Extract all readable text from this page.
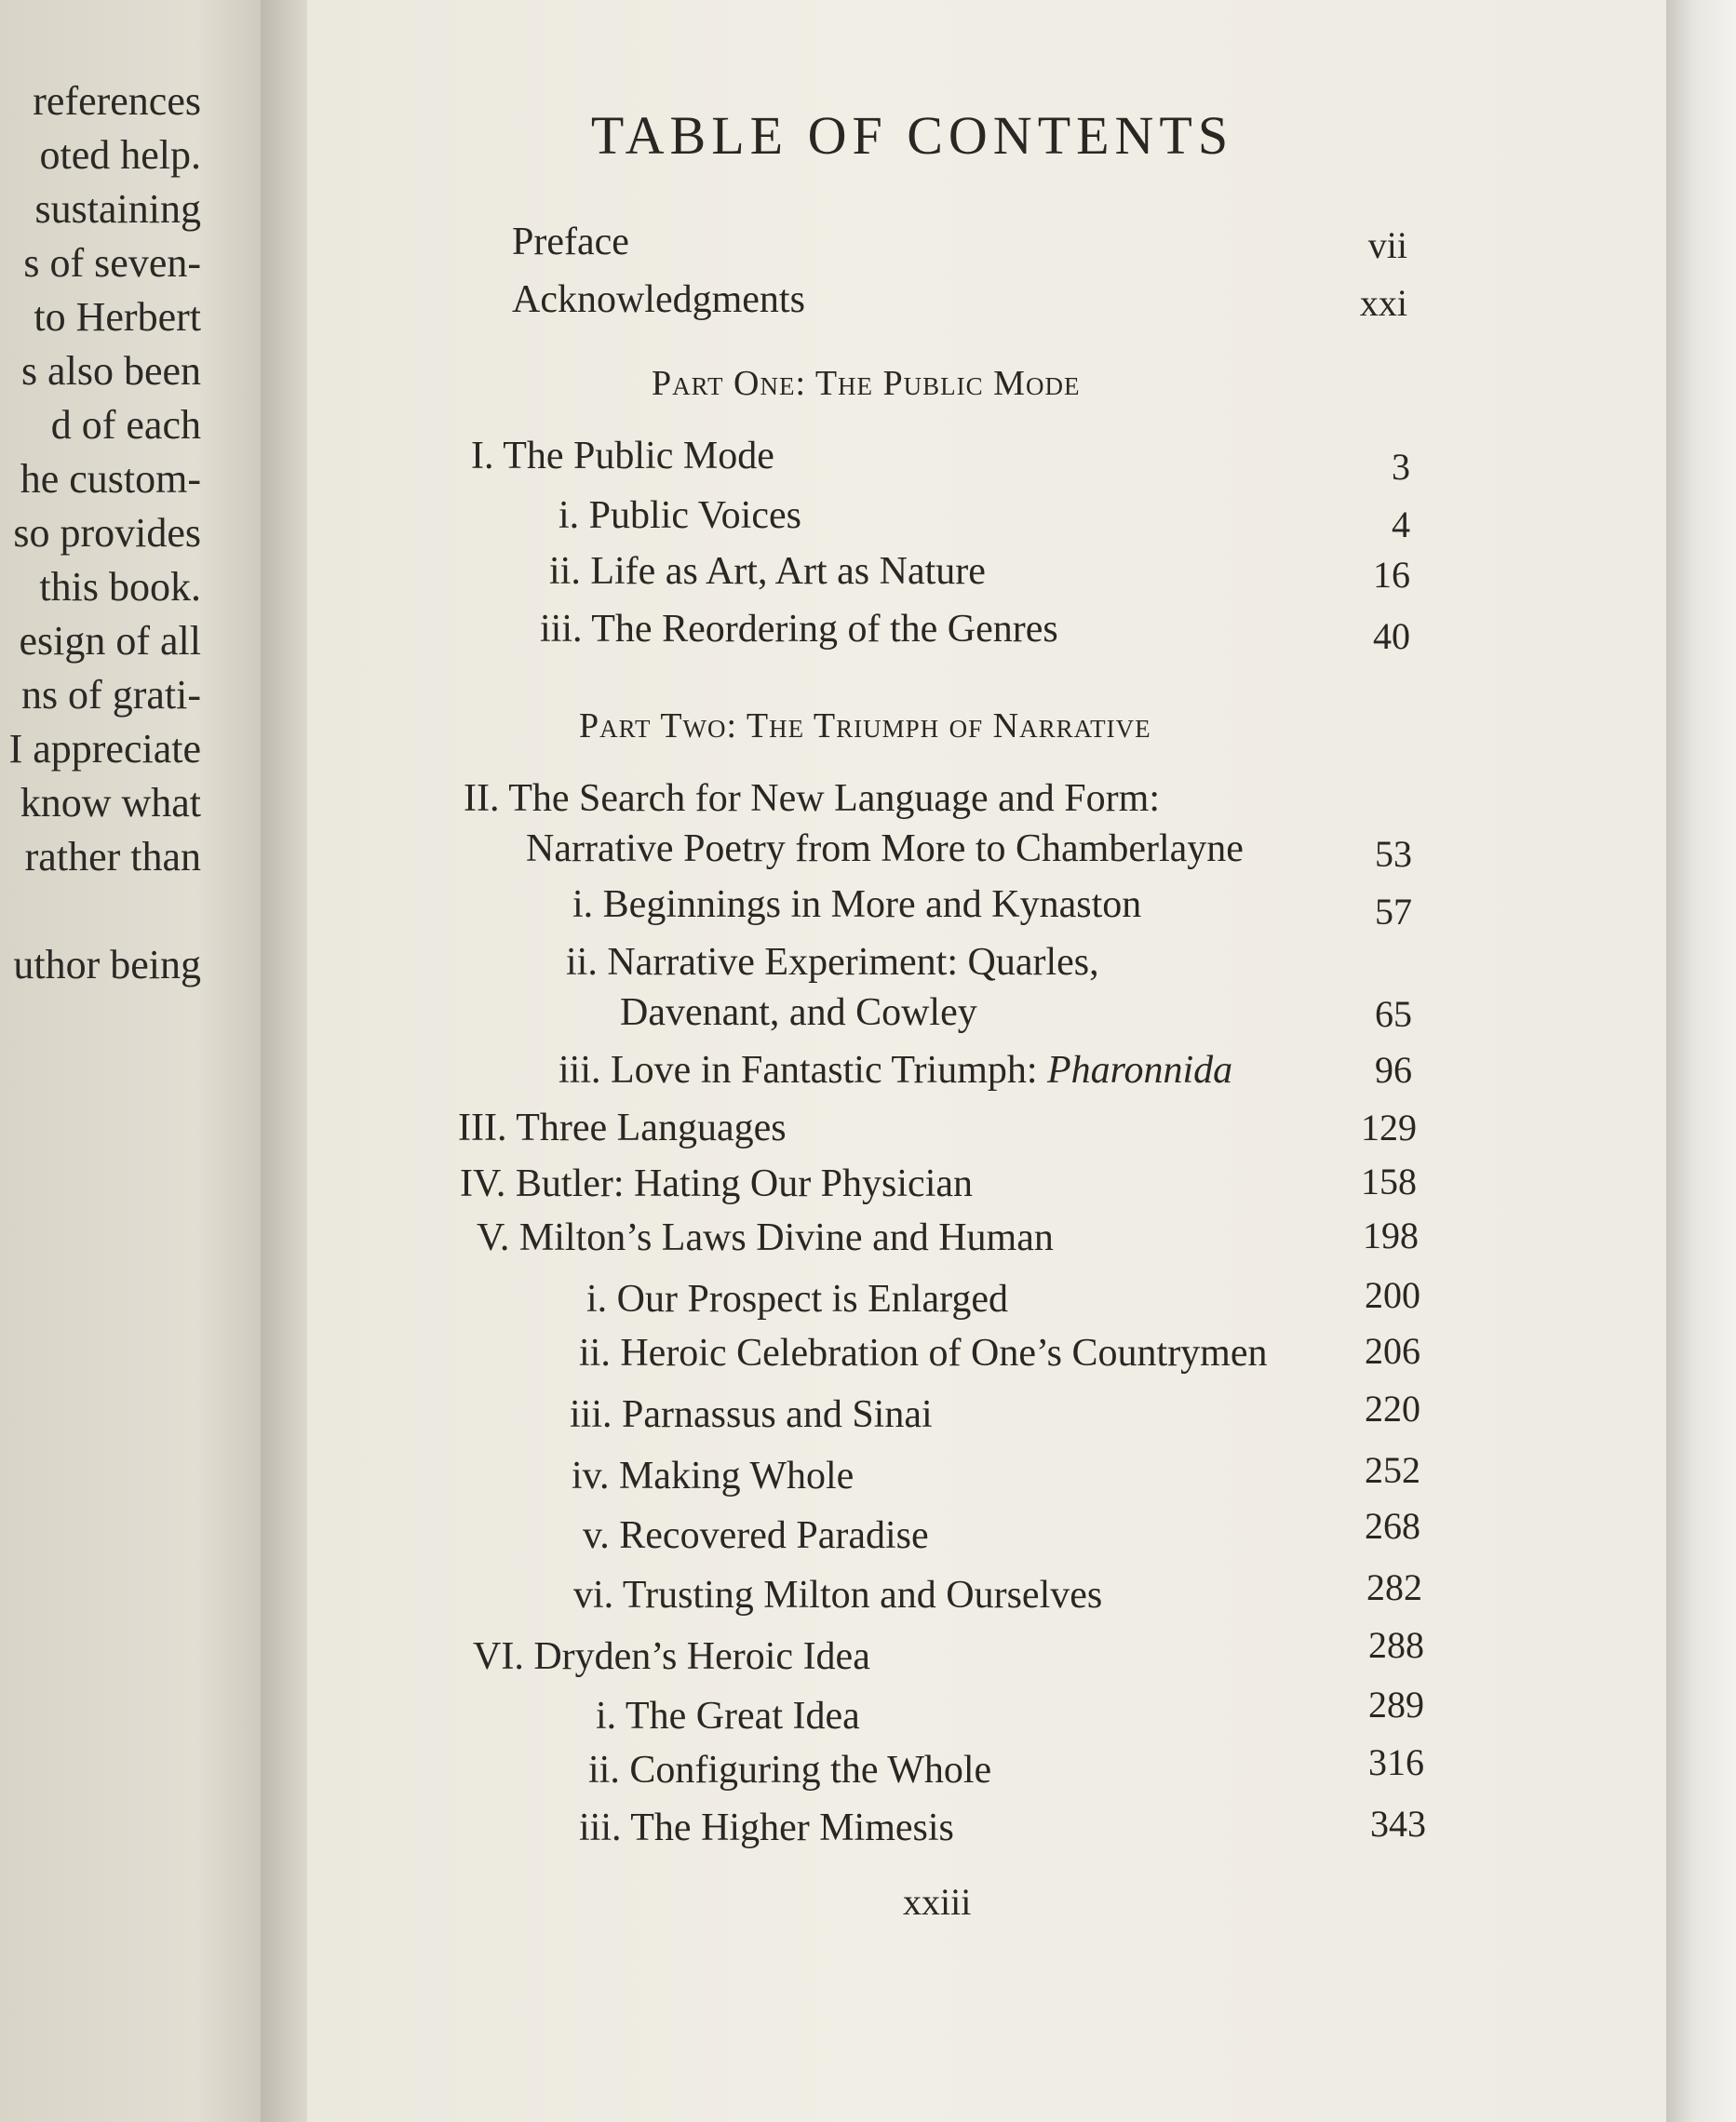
references
oted help.
sustaining
s of seven-
to Herbert
s also been
d of each
he custom-
so provides
this book.
esign of all
ns of grati-
I appreciate
know what
rather than

uthor being
TABLE OF CONTENTS
Preface	vii
Acknowledgments	xxi
Part One: The Public Mode
I. The Public Mode	3
i. Public Voices	4
ii. Life as Art, Art as Nature	16
iii. The Reordering of the Genres	40
Part Two: The Triumph of Narrative
II. The Search for New Language and Form:
Narrative Poetry from More to Chamberlayne	53
i. Beginnings in More and Kynaston	57
ii. Narrative Experiment: Quarles,
Davenant, and Cowley	65
iii. Love in Fantastic Triumph: Pharonnida	96
III. Three Languages	129
IV. Butler: Hating Our Physician	158
V. Milton’s Laws Divine and Human	198
i. Our Prospect is Enlarged	200
ii. Heroic Celebration of One’s Countrymen	206
iii. Parnassus and Sinai	220
iv. Making Whole	252
v. Recovered Paradise	268
vi. Trusting Milton and Ourselves	282
VI. Dryden’s Heroic Idea	288
i. The Great Idea	289
ii. Configuring the Whole	316
iii. The Higher Mimesis	343
xxiii
